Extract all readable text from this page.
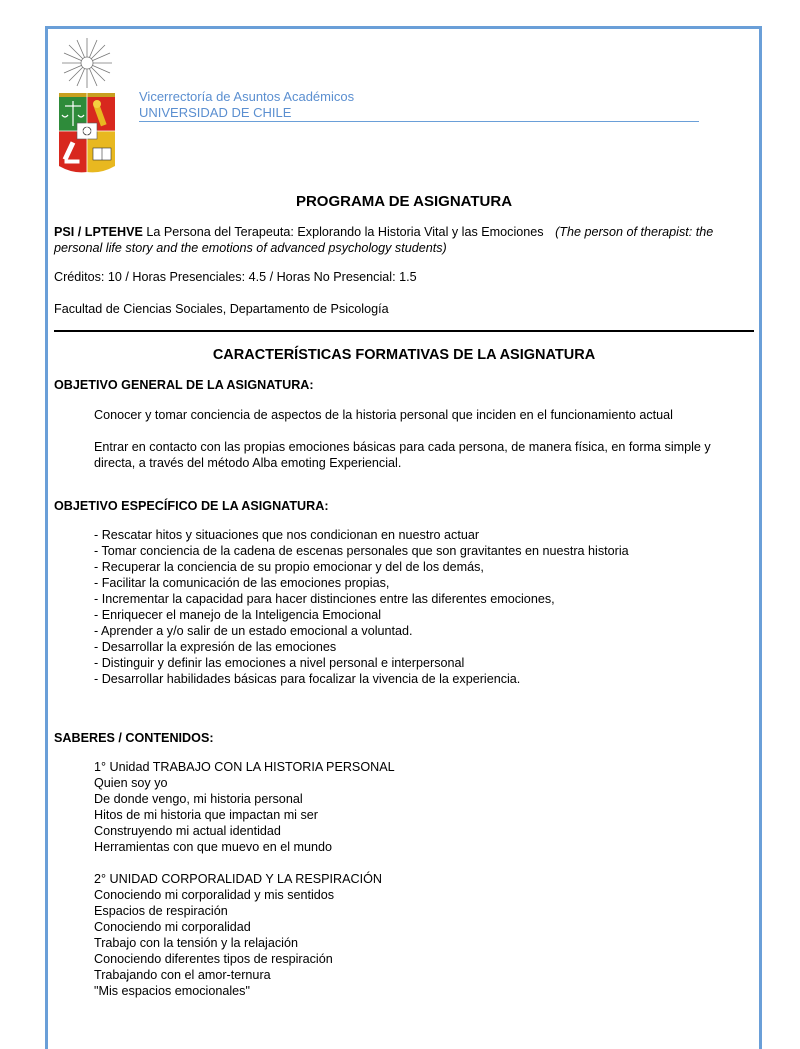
Vicerrectoría de Asuntos Académicos
UNIVERSIDAD DE CHILE
PROGRAMA DE ASIGNATURA
PSI / LPTEHVE La Persona del Terapeuta: Explorando la Historia Vital y las Emociones (The person of therapist: the personal life story and the emotions of advanced psychology students)
Créditos: 10 / Horas Presenciales: 4.5 / Horas No Presencial: 1.5
Facultad de Ciencias Sociales, Departamento de Psicología
CARACTERÍSTICAS FORMATIVAS DE LA ASIGNATURA
OBJETIVO GENERAL DE LA ASIGNATURA:

Conocer y tomar conciencia de aspectos de la historia personal que inciden en el funcionamiento actual

Entrar en contacto con las propias emociones básicas para cada persona, de manera física, en forma simple y directa, a través del método Alba emoting Experiencial.

OBJETIVO ESPECÍFICO DE LA ASIGNATURA:

- Rescatar hitos y situaciones que nos condicionan en nuestro actuar

- Tomar conciencia de la cadena de escenas personales que son gravitantes en nuestra historia

- Recuperar la conciencia de su propio emocionar y del de los demás,

- Facilitar la comunicación de las emociones propias,

- Incrementar la capacidad para hacer distinciones entre las diferentes emociones,

- Enriquecer el manejo de la Inteligencia Emocional

- Aprender a y/o salir de un estado emocional a voluntad.

- Desarrollar la expresión de las emociones

- Distinguir y definir las emociones a nivel personal e interpersonal

- Desarrollar habilidades básicas para focalizar la vivencia de la experiencia.

SABERES / CONTENIDOS:

1° Unidad TRABAJO CON LA HISTORIA PERSONAL

Quien soy yo

De donde vengo, mi historia personal

Hitos de mi historia que impactan mi ser

Construyendo mi actual identidad

Herramientas con que muevo en el mundo

2° UNIDAD CORPORALIDAD Y LA RESPIRACIÓN

Conociendo mi corporalidad y mis sentidos

Espacios de respiración

Conociendo mi corporalidad

Trabajo con la tensión y la relajación

Conociendo diferentes tipos de respiración

Trabajando con el amor-ternura

"Mis espacios emocionales"
